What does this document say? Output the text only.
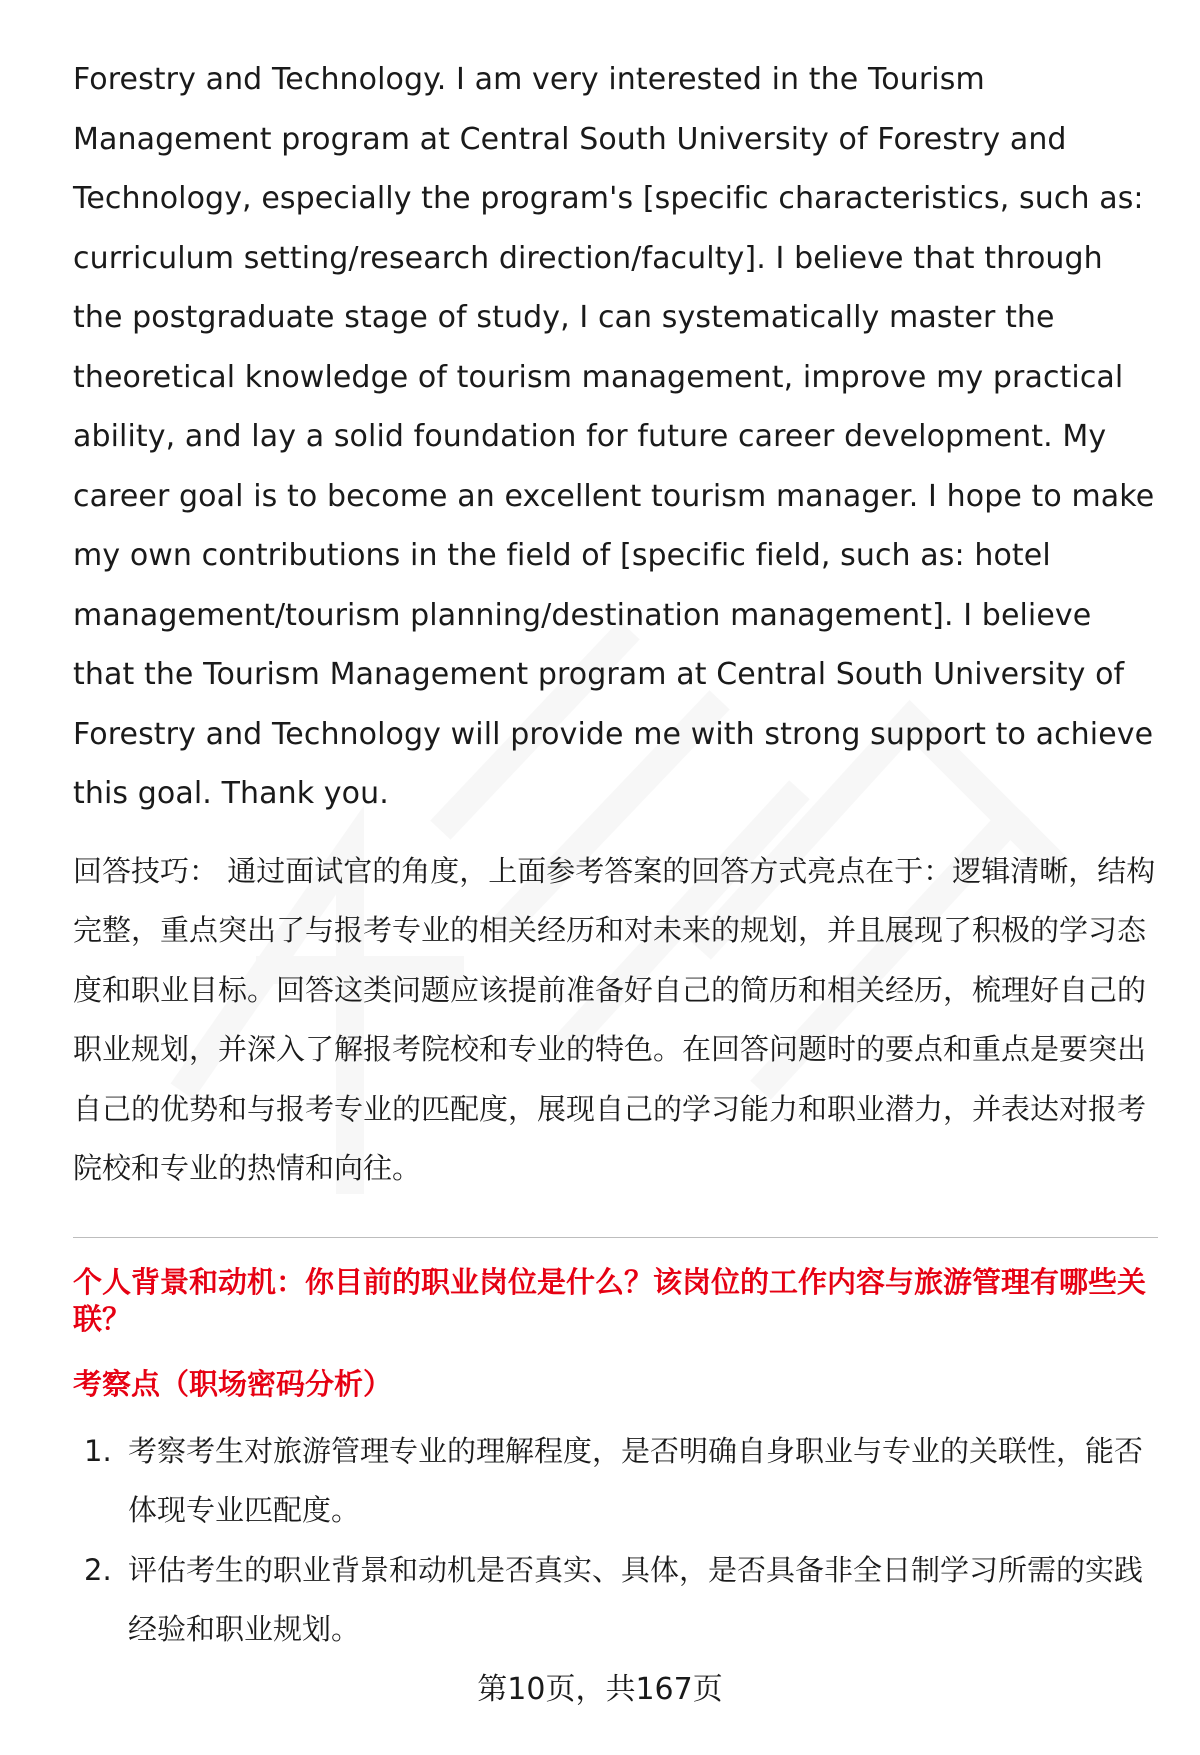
Forestry and Technology. I am very interested in the Tourism Management program at Central South University of Forestry and Technology, especially the program's [specific characteristics, such as: curriculum setting/research direction/faculty]. I believe that through the postgraduate stage of study, I can systematically master the theoretical knowledge of tourism management, improve my practical ability, and lay a solid foundation for future career development. My career goal is to become an excellent tourism manager. I hope to make my own contributions in the field of [specific field, such as: hotel management/tourism planning/destination management]. I believe that the Tourism Management program at Central South University of Forestry and Technology will provide me with strong support to achieve this goal. Thank you.

回答技巧： 通过面试官的角度，上面参考答案的回答方式亮点在于：逻辑清晰，结构完整，重点突出了与报考专业的相关经历和对未来的规划，并且展现了积极的学习态度和职业目标。回答这类问题应该提前准备好自己的简历和相关经历，梳理好自己的职业规划，并深入了解报考院校和专业的特色。在回答问题时的要点和重点是要突出自己的优势和与报考专业的匹配度，展现自己的学习能力和职业潜力，并表达对报考院校和专业的热情和向往。

个人背景和动机：你目前的职业岗位是什么？该岗位的工作内容与旅游管理有哪些关联？
考察点（职场密码分析）
1. 考察考生对旅游管理专业的理解程度，是否明确自身职业与专业的关联性，能否体现专业匹配度。
2. 评估考生的职业背景和动机是否真实、具体，是否具备非全日制学习所需的实践经验和职业规划。
第10页，共167页
